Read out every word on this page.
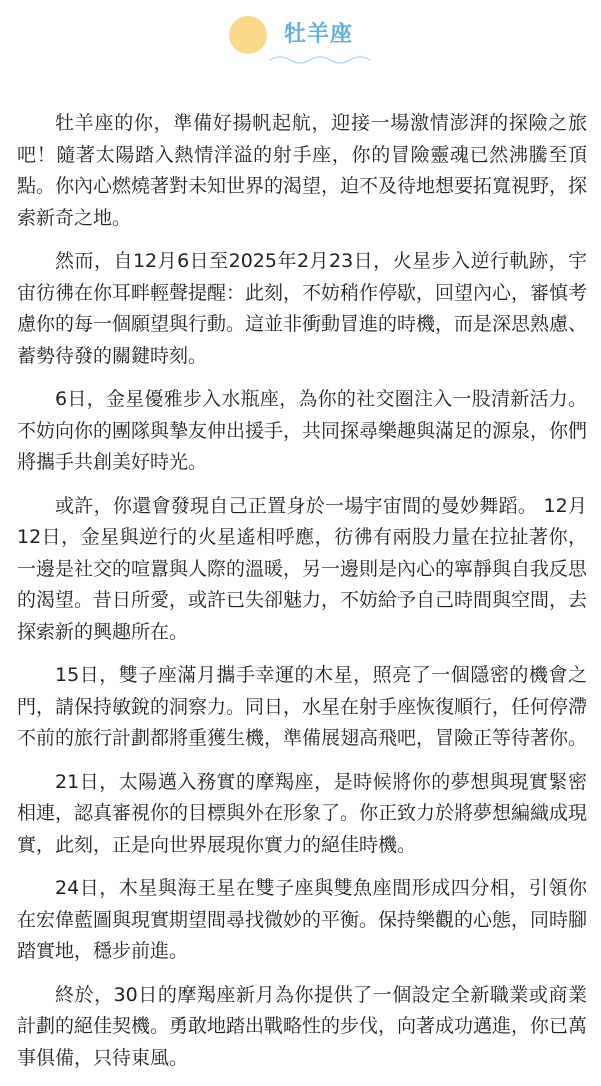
牡羊座

牡羊座的你，準備好揚帆起航，迎接一場激情澎湃的探險之旅吧！隨著太陽踏入熱情洋溢的射手座，你的冒險靈魂已然沸騰至頂點。你內心燃燒著對未知世界的渴望，迫不及待地想要拓寬視野，探索新奇之地。

然而，自12月6日至2025年2月23日，火星步入逆行軌跡，宇宙彷彿在你耳畔輕聲提醒：此刻，不妨稍作停歇，回望內心，審慎考慮你的每一個願望與行動。這並非衝動冒進的時機，而是深思熟慮、蓄勢待發的關鍵時刻。

6日，金星優雅步入水瓶座，為你的社交圈注入一股清新活力。不妨向你的團隊與摯友伸出援手，共同探尋樂趣與滿足的源泉，你們將攜手共創美好時光。

或許，你還會發現自己正置身於一場宇宙間的曼妙舞蹈。 12月12日，金星與逆行的火星遙相呼應，彷彿有兩股力量在拉扯著你，一邊是社交的喧囂與人際的溫暖，另一邊則是內心的寧靜與自我反思的渴望。昔日所愛，或許已失卻魅力，不妨給予自己時間與空間，去探索新的興趣所在。

15日，雙子座滿月攜手幸運的木星，照亮了一個隱密的機會之門，請保持敏銳的洞察力。同日，水星在射手座恢復順行，任何停滯不前的旅行計劃都將重獲生機，準備展翅高飛吧，冒險正等待著你。

21日，太陽邁入務實的摩羯座，是時候將你的夢想與現實緊密相連，認真審視你的目標與外在形象了。你正致力於將夢想編織成現實，此刻，正是向世界展現你實力的絕佳時機。

24日，木星與海王星在雙子座與雙魚座間形成四分相，引領你在宏偉藍圖與現實期望間尋找微妙的平衡。保持樂觀的心態，同時腳踏實地，穩步前進。

終於，30日的摩羯座新月為你提供了一個設定全新職業或商業計劃的絕佳契機。勇敢地踏出戰略性的步伐，向著成功邁進，你已萬事俱備，只待東風。
